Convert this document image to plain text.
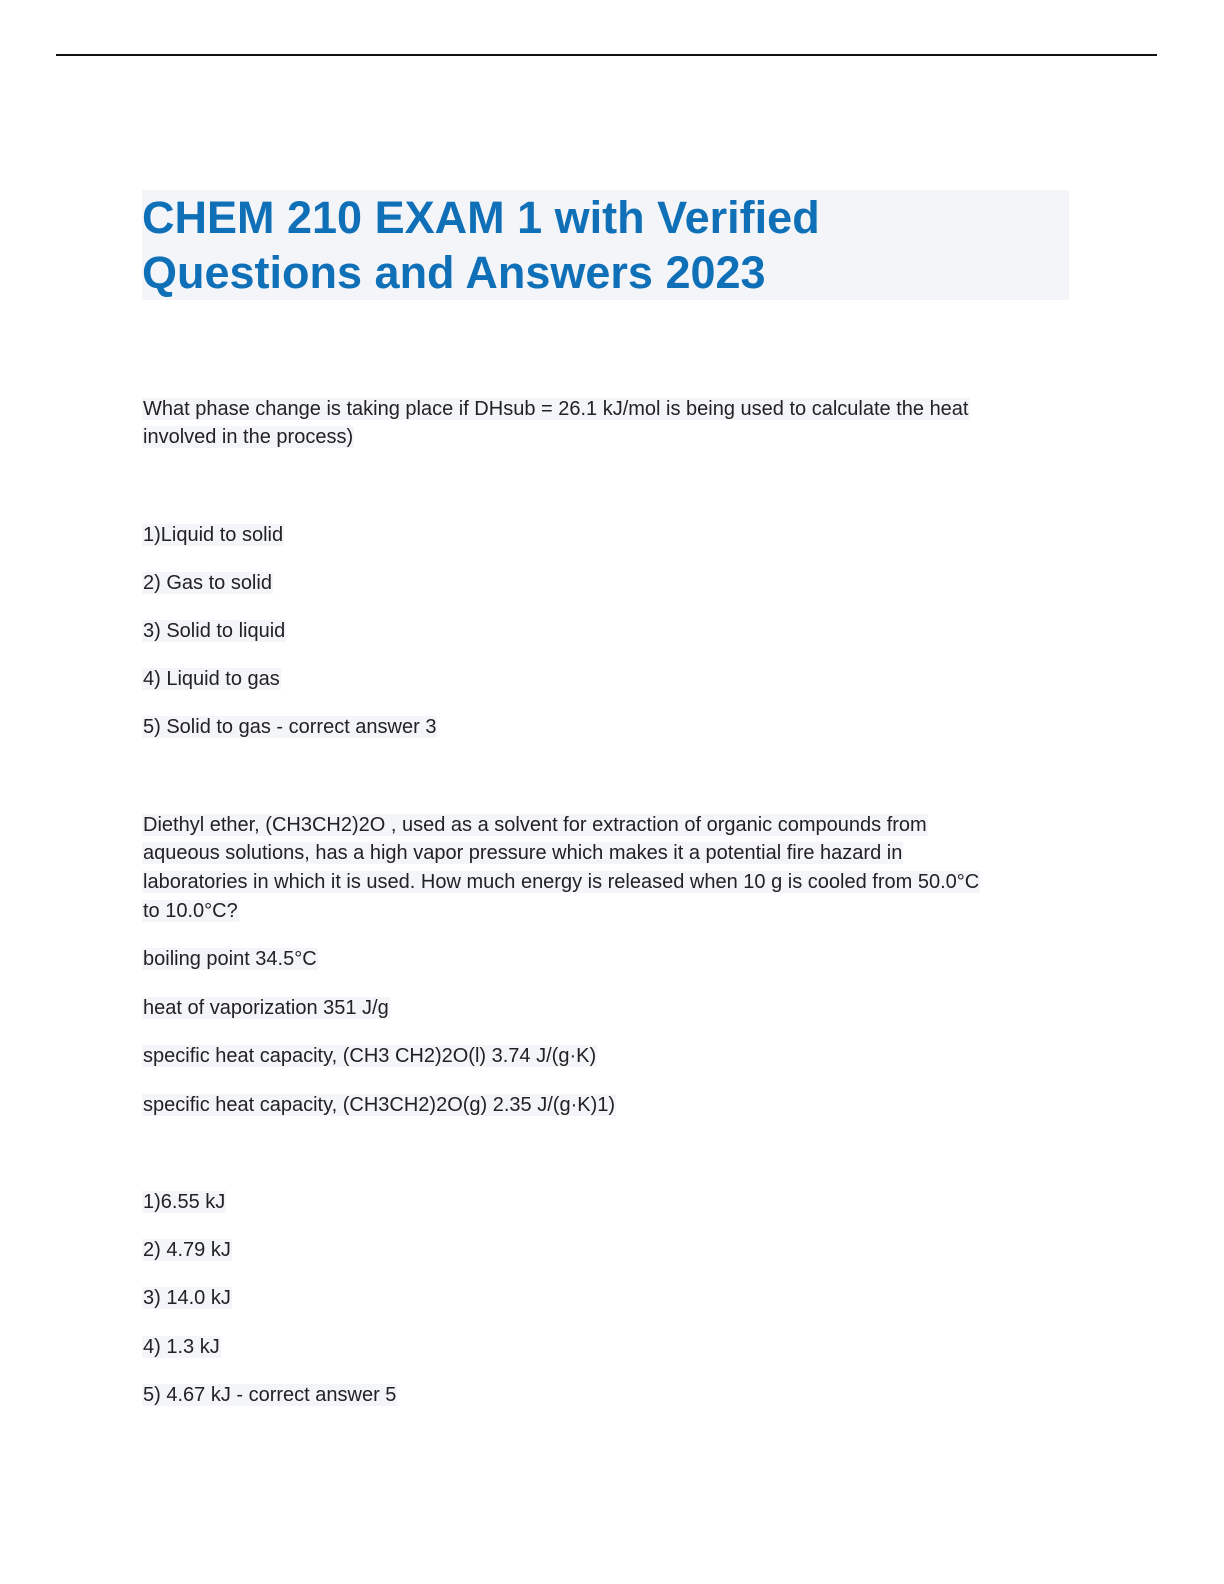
CHEM 210 EXAM 1 with Verified
Questions and Answers 2023
What phase change is taking place if DHsub = 26.1 kJ/mol is being used to calculate the heat
involved in the process)
1)Liquid to solid
2) Gas to solid
3) Solid to liquid
4) Liquid to gas
5) Solid to gas - correct answer 3
Diethyl ether, (CH3CH2)2O , used as a solvent for extraction of organic compounds from
aqueous solutions, has a high vapor pressure which makes it a potential fire hazard in
laboratories in which it is used. How much energy is released when 10 g is cooled from 50.0°C
to 10.0°C?
boiling point 34.5°C
heat of vaporization 351 J/g
specific heat capacity, (CH3 CH2)2O(l) 3.74 J/(g·K)
specific heat capacity, (CH3CH2)2O(g) 2.35 J/(g·K)1)
1)6.55 kJ
2) 4.79 kJ
3) 14.0 kJ
4) 1.3 kJ
5) 4.67 kJ - correct answer 5
